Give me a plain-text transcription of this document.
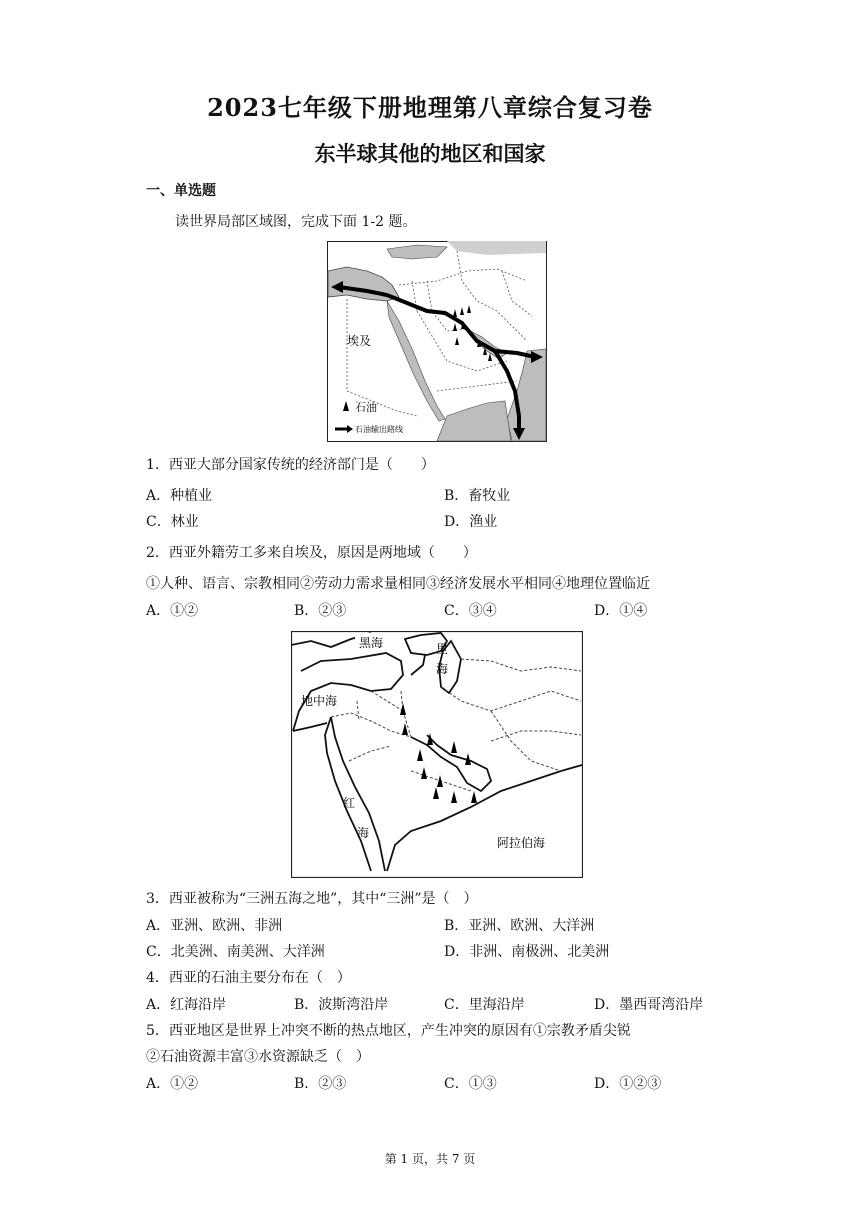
2023七年级下册地理第八章综合复习卷
东半球其他的地区和国家
一、单选题
读世界局部区域图，完成下面 1-2 题。
石油
石油输出路线
埃及
1．西亚大部分国家传统的经济部门是（　　）
A．种植业	B．畜牧业
C．林业	D．渔业
2．西亚外籍劳工多来自埃及，原因是两地域（　　）
①人种、语言、宗教相同②劳动力需求量相同③经济发展水平相同④地理位置临近
A．①②	B．②③	C．③④	D．①④
黑海	里
海
地中海
红
海
阿拉伯海
3．西亚被称为“三洲五海之地”，其中“三洲”是（　）
A．亚洲、欧洲、非洲	B．亚洲、欧洲、大洋洲
C．北美洲、南美洲、大洋洲	D．非洲、南极洲、北美洲
4．西亚的石油主要分布在（　）
A．红海沿岸	B．波斯湾沿岸	C．里海沿岸	D．墨西哥湾沿岸
5．西亚地区是世界上冲突不断的热点地区，产生冲突的原因有①宗教矛盾尖锐
②石油资源丰富③水资源缺乏（　）
A．①②	B．②③	C．①③	D．①②③
第 1 页，共 7 页
